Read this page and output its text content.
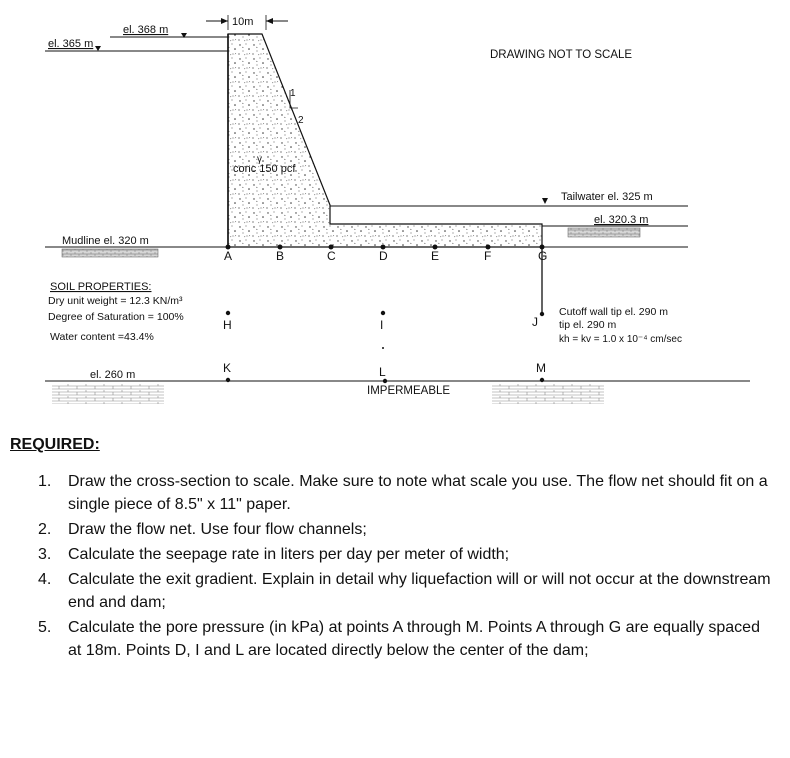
10m
el. 368 m
el. 365 m
DRAWING NOT TO SCALE
1
2
γ
conc 150 pcf
Tailwater el. 325 m
el. 320.3 m
Mudline el. 320 m
A	B	C	D	E	F	G
SOIL PROPERTIES:
Dry unit weight = 12.3 KN/m³
Degree of Saturation = 100%
Water content =43.4%
H	I	J
Cutoff wall tip el. 290 m
tip el. 290 m
kh = kv = 1.0 x 10⁻⁴ cm/sec
K	L	M
el. 260 m
IMPERMEABLE
REQUIRED:
1. Draw the cross-section to scale. Make sure to note what scale you use. The flow net should fit on a single piece of 8.5" x 11" paper.
2. Draw the flow net. Use four flow channels;
3. Calculate the seepage rate in liters per day per meter of width;
4. Calculate the exit gradient. Explain in detail why liquefaction will or will not occur at the downstream end and dam;
5. Calculate the pore pressure (in kPa) at points A through M. Points A through G are equally spaced at 18m. Points D, I and L are located directly below the center of the dam;
